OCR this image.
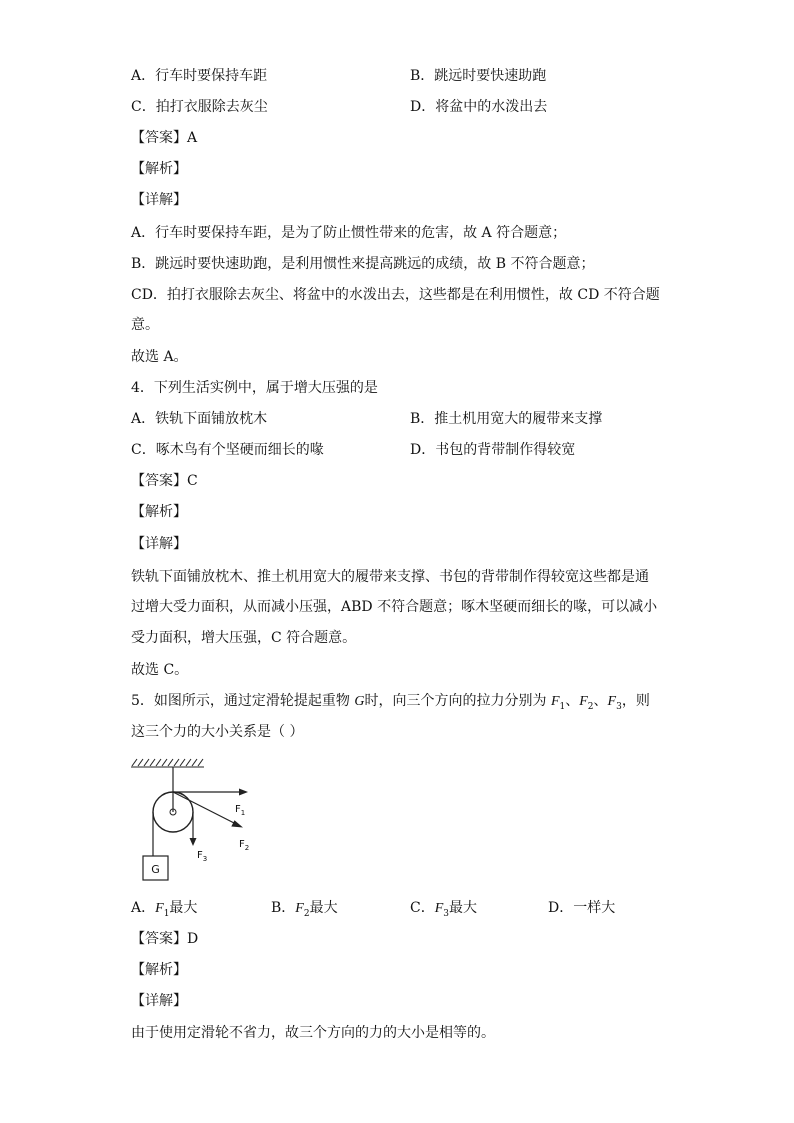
A．行车时要保持车距	B．跳远时要快速助跑
C．拍打衣服除去灰尘	D．将盆中的水泼出去
【答案】A
【解析】
【详解】
A．行车时要保持车距，是为了防止惯性带来的危害，故 A 符合题意；
B．跳远时要快速助跑，是利用惯性来提高跳远的成绩，故 B 不符合题意；
CD．拍打衣服除去灰尘、将盆中的水泼出去，这些都是在利用惯性，故 CD 不符合题
意。
故选 A。
4．下列生活实例中，属于增大压强的是
A．铁轨下面铺放枕木	B．推土机用宽大的履带来支撑
C．啄木鸟有个坚硬而细长的喙	D．书包的背带制作得较宽
【答案】C
【解析】
【详解】
铁轨下面铺放枕木、推土机用宽大的履带来支撑、书包的背带制作得较宽这些都是通
过增大受力面积，从而减小压强，ABD 不符合题意；啄木坚硬而细长的喙，可以减小
受力面积，增大压强，C 符合题意。
故选 C。
5．如图所示，通过定滑轮提起重物 G时，向三个方向的拉力分别为 $F_1$、$F_2$、$F_3$，则
这三个力的大小关系是（ ）
G
$F_1$
$F_2$
$F_3$
A．$F_1$最大	B．$F_2$最大	C．$F_3$最大	D．一样大
【答案】D
【解析】
【详解】
由于使用定滑轮不省力，故三个方向的力的大小是相等的。
